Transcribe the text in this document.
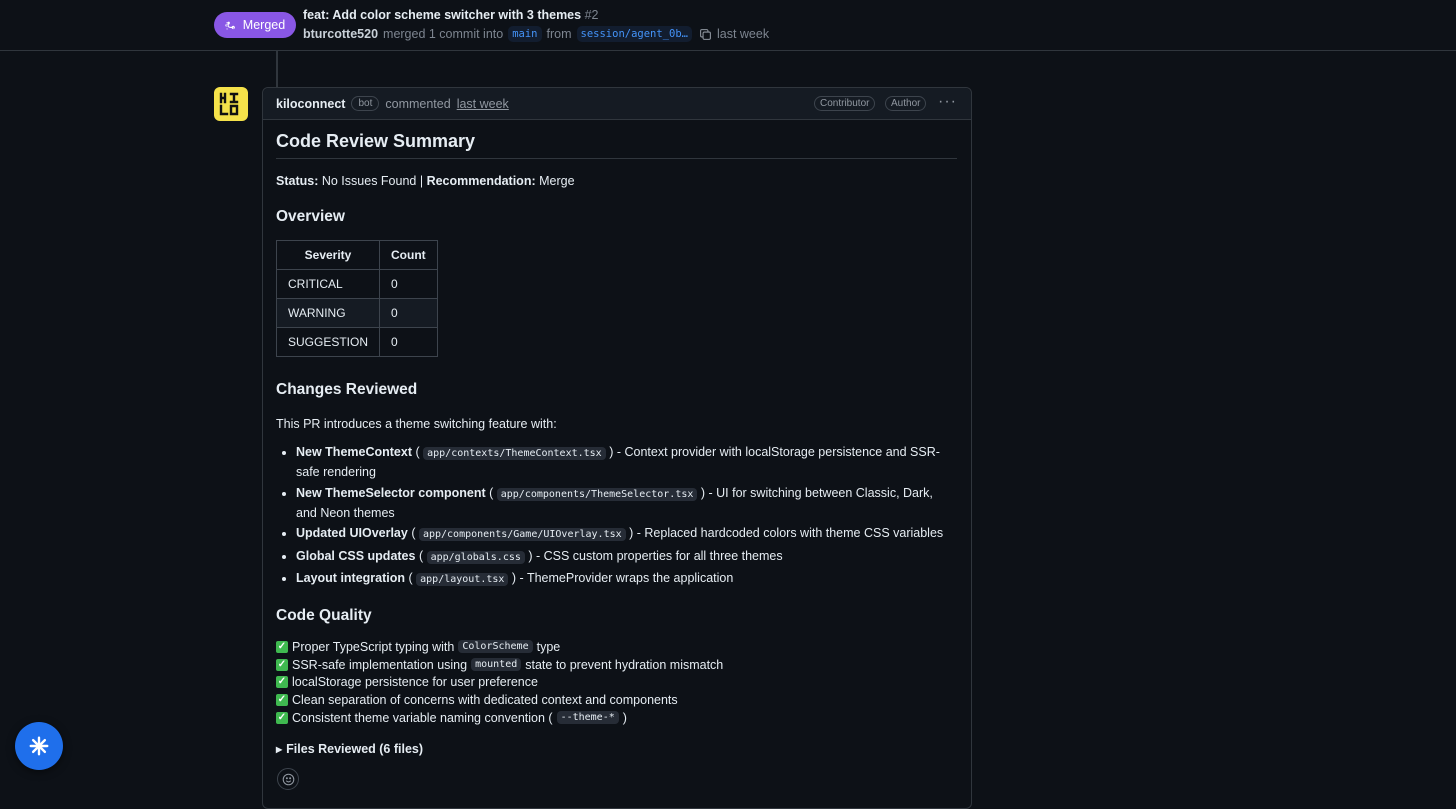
Merged
feat: Add color scheme switcher with 3 themes #2
bturcotte520 merged 1 commit into main from session/agent_0b…	last week
kiloconnect	bot	commented last week	Contributor	Author	···
Code Review Summary
Status: No Issues Found | Recommendation: Merge
Overview
Severity	Count
CRITICAL	0
WARNING	0
SUGGESTION	0
Changes Reviewed

This PR introduces a theme switching feature with:

• New ThemeContext ( app/contexts/ThemeContext.tsx ) - Context provider with localStorage persistence and SSR-safe rendering
• New ThemeSelector component ( app/components/ThemeSelector.tsx ) - UI for switching between Classic, Dark, and Neon themes
• Updated UIOverlay ( app/components/Game/UIOverlay.tsx ) - Replaced hardcoded colors with theme CSS variables
• Global CSS updates ( app/globals.css ) - CSS custom properties for all three themes
• Layout integration ( app/layout.tsx ) - ThemeProvider wraps the application
Code Quality
✓ Proper TypeScript typing with ColorScheme type
✓ SSR-safe implementation using mounted state to prevent hydration mismatch
✓ localStorage persistence for user preference
✓ Clean separation of concerns with dedicated context and components
✓ Consistent theme variable naming convention ( --theme-* )
▶ Files Reviewed (6 files)
